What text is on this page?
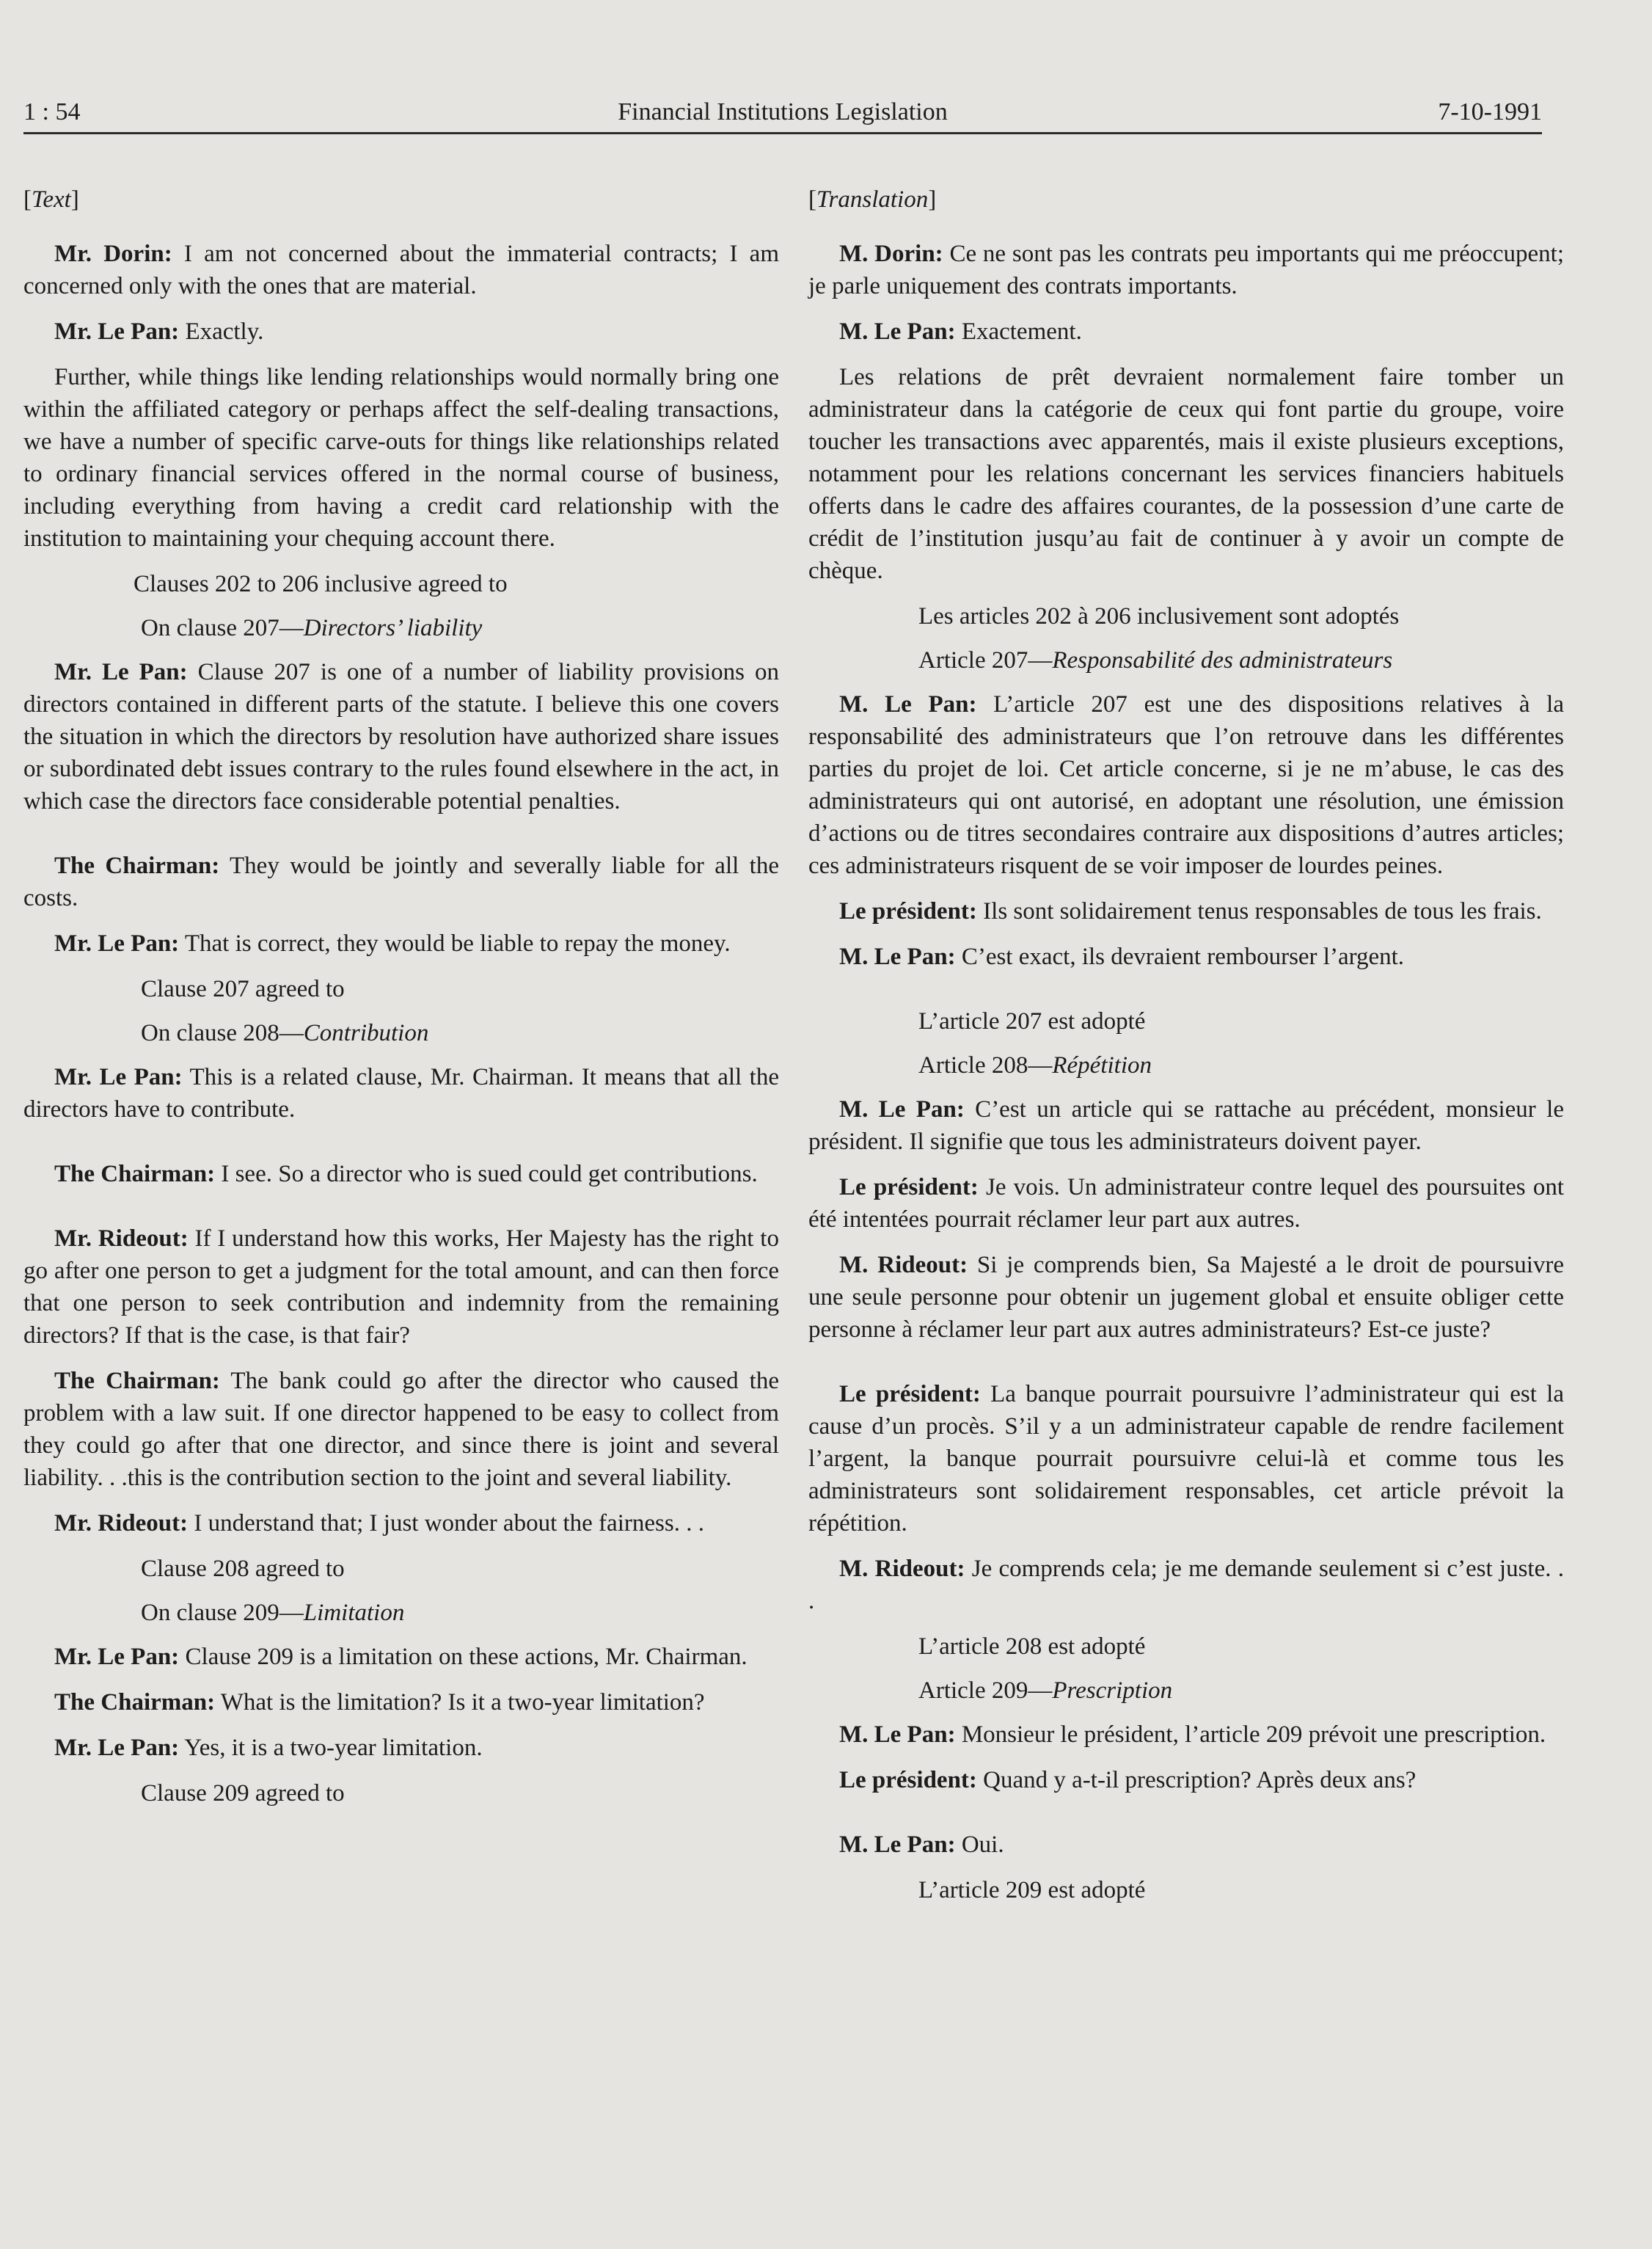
1 : 54	Financial Institutions Legislation	7-10-1991
[Text]

Mr. Dorin: I am not concerned about the immaterial contracts; I am concerned only with the ones that are material.

Mr. Le Pan: Exactly.

Further, while things like lending relationships would normally bring one within the affiliated category or perhaps affect the self-dealing transactions, we have a number of specific carve-outs for things like relationships related to ordinary financial services offered in the normal course of business, including everything from having a credit card relationship with the institution to maintaining your chequing account there.

Clauses 202 to 206 inclusive agreed to

On clause 207—Directors’ liability

Mr. Le Pan: Clause 207 is one of a number of liability provisions on directors contained in different parts of the statute. I believe this one covers the situation in which the directors by resolution have authorized share issues or subordinated debt issues contrary to the rules found elsewhere in the act, in which case the directors face considerable potential penalties.

The Chairman: They would be jointly and severally liable for all the costs.

Mr. Le Pan: That is correct, they would be liable to repay the money.

Clause 207 agreed to

On clause 208—Contribution

Mr. Le Pan: This is a related clause, Mr. Chairman. It means that all the directors have to contribute.

The Chairman: I see. So a director who is sued could get contributions.

Mr. Rideout: If I understand how this works, Her Majesty has the right to go after one person to get a judgment for the total amount, and can then force that one person to seek contribution and indemnity from the remaining directors? If that is the case, is that fair?

The Chairman: The bank could go after the director who caused the problem with a law suit. If one director happened to be easy to collect from they could go after that one director, and since there is joint and several liability. . .this is the contribution section to the joint and several liability.

Mr. Rideout: I understand that; I just wonder about the fairness. . .

Clause 208 agreed to

On clause 209—Limitation

Mr. Le Pan: Clause 209 is a limitation on these actions, Mr. Chairman.

The Chairman: What is the limitation? Is it a two-year limitation?

Mr. Le Pan: Yes, it is a two-year limitation.

Clause 209 agreed to

[Translation]

M. Dorin: Ce ne sont pas les contrats peu importants qui me préoccupent; je parle uniquement des contrats importants.

M. Le Pan: Exactement.

Les relations de prêt devraient normalement faire tomber un administrateur dans la catégorie de ceux qui font partie du groupe, voire toucher les transactions avec apparentés, mais il existe plusieurs exceptions, notamment pour les relations concernant les services financiers habituels offerts dans le cadre des affaires courantes, de la possession d’une carte de crédit de l’institution jusqu’au fait de continuer à y avoir un compte de chèque.

Les articles 202 à 206 inclusivement sont adoptés

Article 207—Responsabilité des administrateurs

M. Le Pan: L’article 207 est une des dispositions relatives à la responsabilité des administrateurs que l’on retrouve dans les différentes parties du projet de loi. Cet article concerne, si je ne m’abuse, le cas des administrateurs qui ont autorisé, en adoptant une résolution, une émission d’actions ou de titres secondaires contraire aux dispositions d’autres articles; ces administrateurs risquent de se voir imposer de lourdes peines.

Le président: Ils sont solidairement tenus responsables de tous les frais.

M. Le Pan: C’est exact, ils devraient rembourser l’argent.

L’article 207 est adopté

Article 208—Répétition

M. Le Pan: C’est un article qui se rattache au précédent, monsieur le président. Il signifie que tous les administrateurs doivent payer.

Le président: Je vois. Un administrateur contre lequel des poursuites ont été intentées pourrait réclamer leur part aux autres.

M. Rideout: Si je comprends bien, Sa Majesté a le droit de poursuivre une seule personne pour obtenir un jugement global et ensuite obliger cette personne à réclamer leur part aux autres administrateurs? Est-ce juste?

Le président: La banque pourrait poursuivre l’administrateur qui est la cause d’un procès. S’il y a un administrateur capable de rendre facilement l’argent, la banque pourrait poursuivre celui-là et comme tous les administrateurs sont solidairement responsables, cet article prévoit la répétition.

M. Rideout: Je comprends cela; je me demande seulement si c’est juste. . .

L’article 208 est adopté

Article 209—Prescription

M. Le Pan: Monsieur le président, l’article 209 prévoit une prescription.

Le président: Quand y a-t-il prescription? Après deux ans?

M. Le Pan: Oui.

L’article 209 est adopté
